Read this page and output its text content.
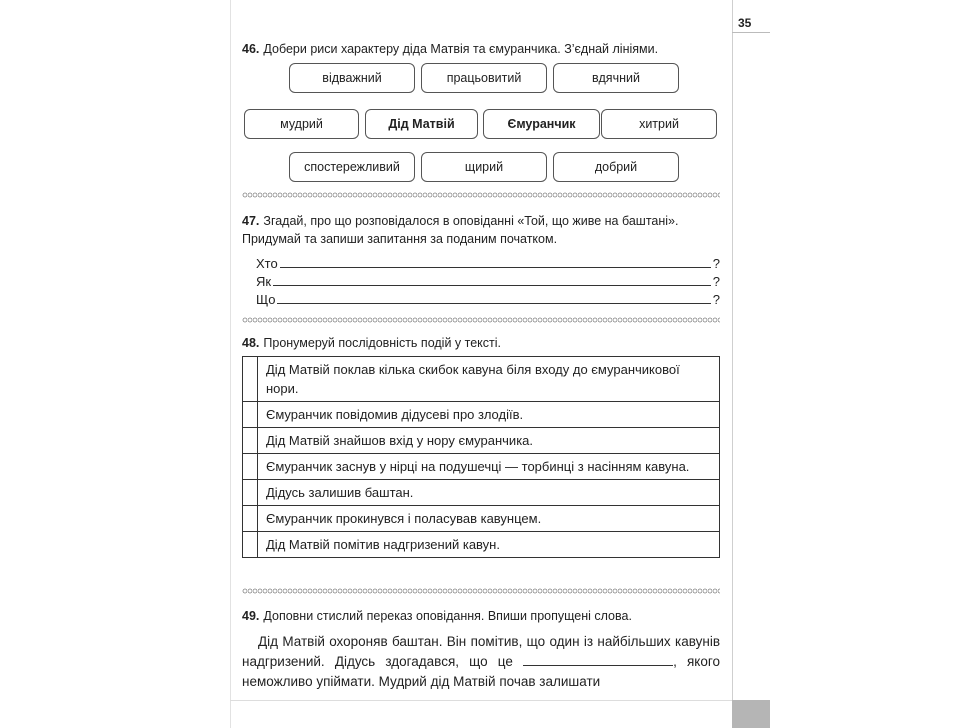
35
46. Добери риси характеру діда Матвія та ємуранчика. З’єднай лініями.
відважний	працьовитий	вдячний
мудрий	Дід Матвій	Ємуранчик	хитрий
спостережливий	щирий	добрий
47. Згадай, про що розповідалося в оповіданні «Той, що живе на баштані».
Придумай та запиши запитання за поданим початком.
Хто	?
Як	?
Що	?
48. Пронумеруй послідовність подій у тексті.
	Дід Матвій поклав кілька скибок кавуна біля входу до ємуранчикової нори.
	Ємуранчик повідомив дідусеві про злодіїв.
	Дід Матвій знайшов вхід у нору ємуранчика.
	Ємуранчик заснув у нірці на подушечці — торбинці з насінням кавуна.
	Дідусь залишив баштан.
	Ємуранчик прокинувся і поласував кавунцем.
	Дід Матвій помітив надгризений кавун.
49. Доповни стислий переказ оповідання. Впиши пропущені слова.

Дід Матвій охороняв баштан. Він помітив, що один із найбільших кавунів надгризений. Дідусь здогадався, що це	, якого неможливо упіймати. Мудрий дід Матвій почав залишати
